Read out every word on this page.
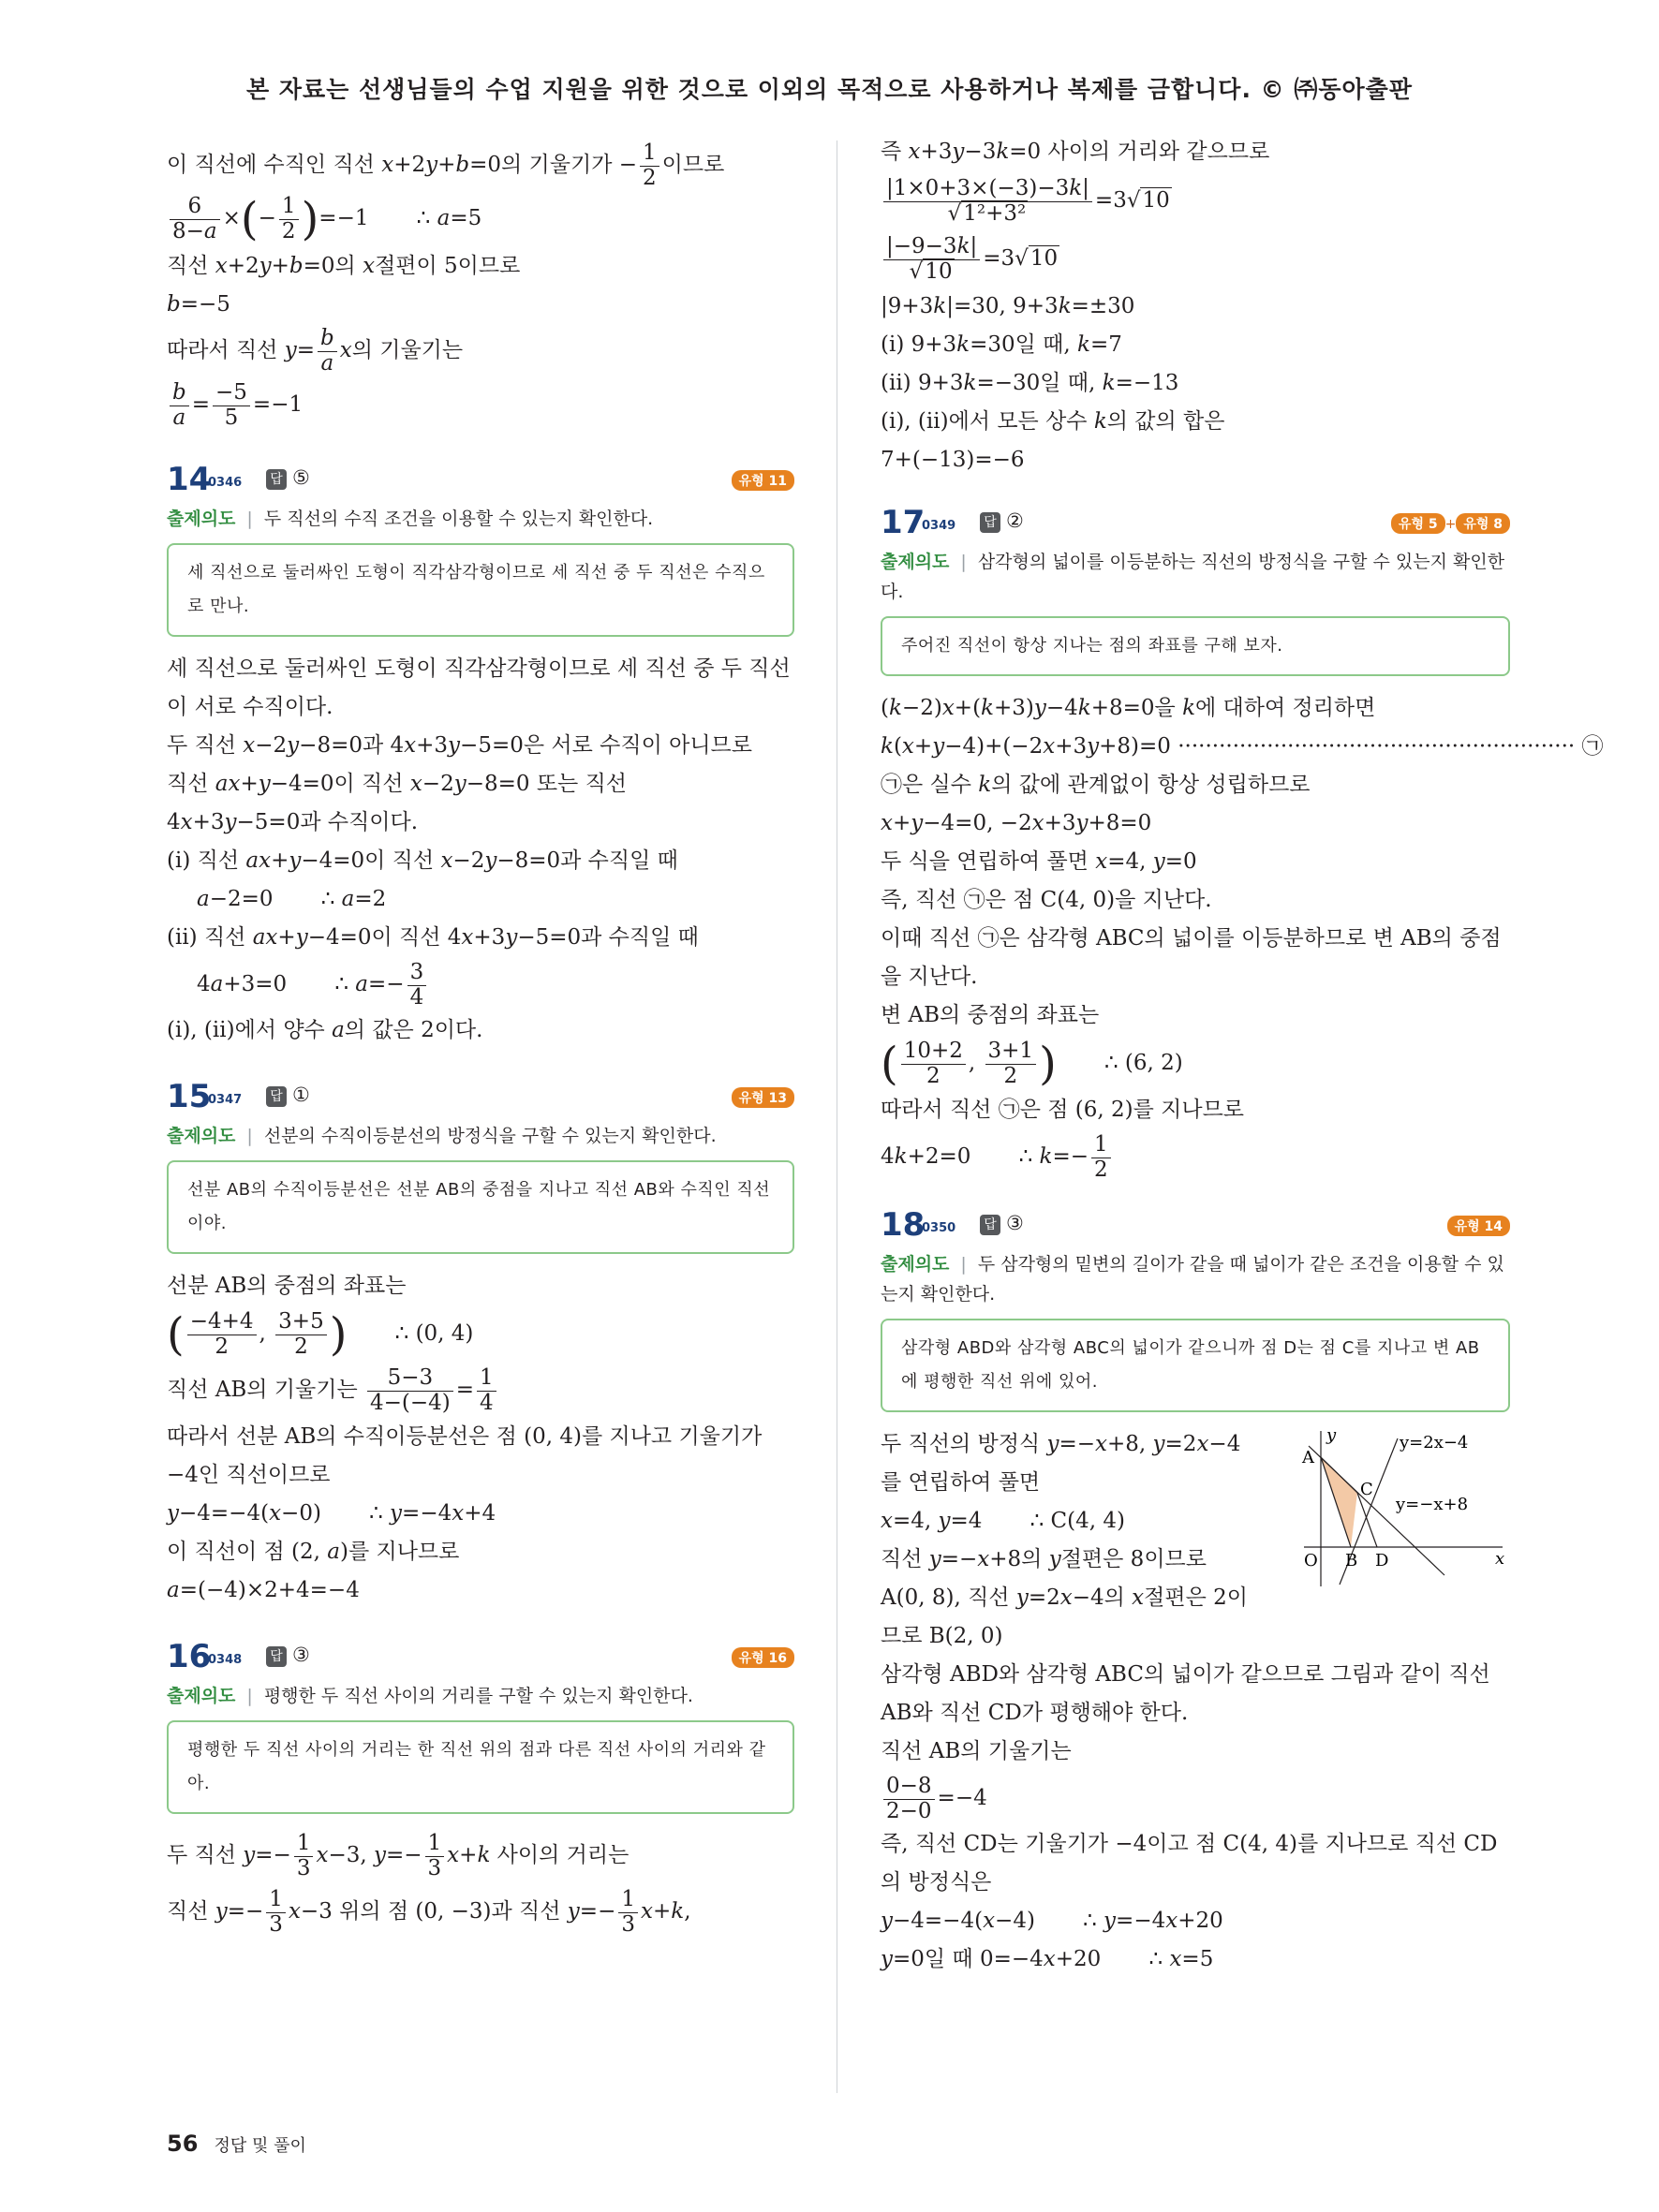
본 자료는 선생님들의 수업 지원을 위한 것으로 이외의 목적으로 사용하거나 복제를 금합니다. © ㈜동아출판
이 직선에 수직인 직선 x+2y+b=0의 기울기가 − $\frac{1}{2}$ 이므로
$\frac{6}{8-a}$ ×(− $\frac{1}{2} )=-1$       ∴ a=5
직선 x+2y+b=0의 x절편이 5이므로
b=−5
따라서 직선 $y= \frac{b}{a}$ x의 기울기는
$\frac{b}{a} = \frac{-5}{5} =-1$
14
0346	답 ⑤	유형 11
출제의도 | 두 직선의 수직 조건을 이용할 수 있는지 확인한다.
세 직선으로 둘러싸인 도형이 직각삼각형이므로 세 직선 중 두 직선은 수직으로 만나.
세 직선으로 둘러싸인 도형이 직각삼각형이므로 세 직선 중 두 직선이 서로 수직이다.
두 직선 x−2y−8=0과 4x+3y−5=0은 서로 수직이 아니므로
직선 ax+y−4=0이 직선 x−2y−8=0 또는 직선
4x+3y−5=0과 수직이다.
(ⅰ) 직선 ax+y−4=0이 직선 x−2y−8=0과 수직일 때
a−2=0       ∴ a=2
(ⅱ) 직선 ax+y−4=0이 직선 4x+3y−5=0과 수직일 때
4a+3=0       ∴ $a=- \frac{3}{4}$
(ⅰ), (ⅱ)에서 양수 a의 값은 2이다.
15
0347	답 ①	유형 13
출제의도 | 선분의 수직이등분선의 방정식을 구할 수 있는지 확인한다.
선분 AB의 수직이등분선은 선분 AB의 중점을 지나고 직선 AB와 수직인 직선이야.
선분 AB의 중점의 좌표는
( $\frac{-4+4}{2}$ , $\frac{3+5}{2}$ )       ∴ (0, 4)
직선 AB의 기울기는 $\frac{5-3}{4-(-4)} = \frac{1}{4}$
따라서 선분 AB의 수직이등분선은 점 (0, 4)를 지나고 기울기가 −4인 직선이므로
y−4=−4(x−0)       ∴ y=−4x+4
이 직선이 점 (2, a)를 지나므로
a=(−4)×2+4=−4
16
0348	답 ③	유형 16
출제의도 | 평행한 두 직선 사이의 거리를 구할 수 있는지 확인한다.
평행한 두 직선 사이의 거리는 한 직선 위의 점과 다른 직선 사이의 거리와 같아.
두 직선 $y=- \frac{1}{3} x-3$, $y=- \frac{1}{3} x+k$ 사이의 거리는
직선 $y=- \frac{1}{3} x-3$ 위의 점 (0, −3)과 직선 $y=- \frac{1}{3} x+k$,
즉 x+3y−3k=0 사이의 거리와 같으므로
$\frac{|1\times 0+3\times(-3)-3k|}{\text{√1²+3²}} =3√10$
$\frac{|-9-3k|}{√10} =3√10$
|9+3k|=30, 9+3k=±30
(ⅰ) 9+3k=30일 때, k=7
(ⅱ) 9+3k=−30일 때, k=−13
(ⅰ), (ⅱ)에서 모든 상수 k의 값의 합은
7+(−13)=−6
17
0349	답 ②	유형 5 + 유형 8
출제의도 | 삼각형의 넓이를 이등분하는 직선의 방정식을 구할 수 있는지 확인한다.
주어진 직선이 항상 지나는 점의 좌표를 구해 보자.
(k−2)x+(k+3)y−4k+8=0을 k에 대하여 정리하면
k(x+y−4)+(−2x+3y+8)=0 ·························································· ㉠
㉠은 실수 k의 값에 관계없이 항상 성립하므로
x+y−4=0, −2x+3y+8=0
두 식을 연립하여 풀면 x=4, y=0
즉, 직선 ㉠은 점 C(4, 0)을 지난다.
이때 직선 ㉠은 삼각형 ABC의 넓이를 이등분하므로 변 AB의 중점을 지난다.
변 AB의 중점의 좌표는
( $\frac{10+2}{2}$ , $\frac{3+1}{2}$ )       ∴ (6, 2)
따라서 직선 ㉠은 점 (6, 2)를 지나므로
4k+2=0       ∴ $k=- \frac{1}{2}$
18
0350	답 ③	유형 14
출제의도 | 두 삼각형의 밑변의 길이가 같을 때 넓이가 같은 조건을 이용할 수 있는지 확인한다.
삼각형 ABD와 삼각형 ABC의 넓이가 같으니까 점 D는 점 C를 지나고 변 AB에 평행한 직선 위에 있어.
y
x
O
A
B
C
D
y=2x−4
y=−x+8
두 직선의 방정식 y=−x+8, y=2x−4
를 연립하여 풀면
x=4, y=4       ∴ C(4, 4)
직선 y=−x+8의 y절편은 8이므로
A(0, 8), 직선 y=2x−4의 x절편은 2이
므로 B(2, 0)
삼각형 ABD와 삼각형 ABC의 넓이가 같으므로 그림과 같이 직선 AB와 직선 CD가 평행해야 한다.
직선 AB의 기울기는
$\frac{0-8}{2-0} =-4$
즉, 직선 CD는 기울기가 −4이고 점 C(4, 4)를 지나므로 직선 CD의 방정식은
y−4=−4(x−4)       ∴ y=−4x+20
y=0일 때 0=−4x+20       ∴ x=5
56 정답 및 풀이
